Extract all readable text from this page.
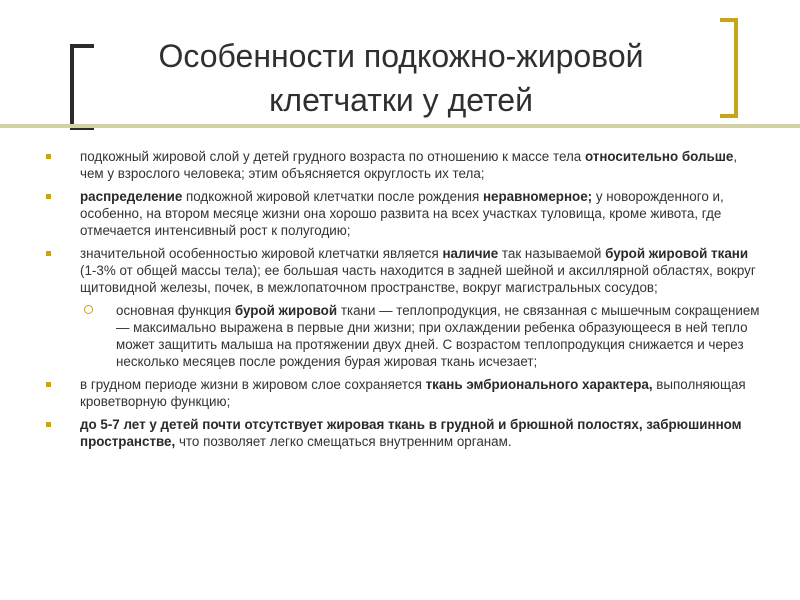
Особенности подкожно-жировой
клетчатки у детей
подкожный жировой слой у детей грудного возраста по отношению к массе тела относительно больше, чем у взрослого человека; этим объясняется округлость их тела;
распределение подкожной жировой клетчатки после рождения неравномерное; у новорожденного и, особенно, на втором месяце жизни она хорошо развита на всех участках туловища, кроме живота, где отмечается интенсивный рост к полугодию;
значительной особенностью жировой клетчатки является наличие так называемой бурой жировой ткани (1-3% от общей массы тела); ее большая часть находится в задней шейной и аксиллярной областях, вокруг щитовидной железы, почек, в межлопаточном пространстве, вокруг магистральных сосудов;
основная функция бурой жировой ткани — теплопродукция, не связанная с мышечным сокращением — максимально выражена в первые дни жизни; при охлаждении ребенка образующееся в ней тепло может защитить малыша на протяжении двух дней. С возрастом теплопродукция снижается и через несколько месяцев после рождения бурая жировая ткань исчезает;
в грудном периоде жизни в жировом слое сохраняется ткань эмбрионального характера, выполняющая кроветворную функцию;
до 5-7 лет у детей почти отсутствует жировая ткань в грудной и брюшной полостях, забрюшинном пространстве, что позволяет легко смещаться внутренним органам.
